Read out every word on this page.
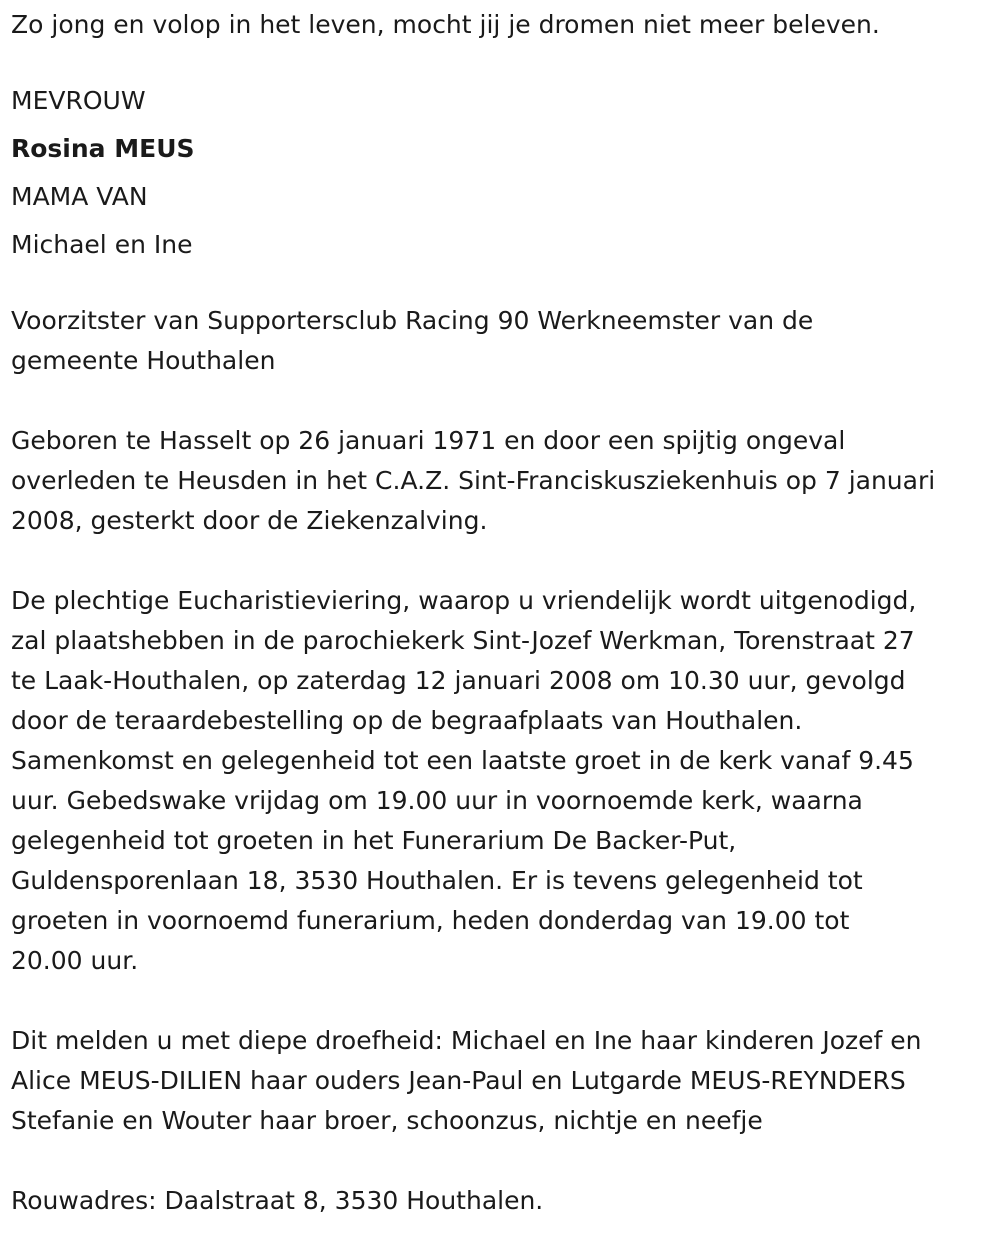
Zo jong en volop in het leven, mocht jij je dromen niet meer beleven.

MEVROUW

Rosina MEUS

MAMA VAN

Michael en Ine

Voorzitster van Supportersclub Racing 90 Werkneemster van de
gemeente Houthalen
Geboren te Hasselt op 26 januari 1971 en door een spijtig ongeval
overleden te Heusden in het C.A.Z. Sint-Franciskusziekenhuis op 7 januari
2008, gesterkt door de Ziekenzalving.
De plechtige Eucharistieviering, waarop u vriendelijk wordt uitgenodigd,
zal plaatshebben in de parochiekerk Sint-Jozef Werkman, Torenstraat 27
te Laak-Houthalen, op zaterdag 12 januari 2008 om 10.30 uur, gevolgd
door de teraardebestelling op de begraafplaats van Houthalen.
Samenkomst en gelegenheid tot een laatste groet in de kerk vanaf 9.45
uur. Gebedswake vrijdag om 19.00 uur in voornoemde kerk, waarna
gelegenheid tot groeten in het Funerarium De Backer-Put,
Guldensporenlaan 18, 3530 Houthalen. Er is tevens gelegenheid tot
groeten in voornoemd funerarium, heden donderdag van 19.00 tot
20.00 uur.
Dit melden u met diepe droefheid: Michael en Ine haar kinderen Jozef en
Alice MEUS-DILIEN haar ouders Jean-Paul en Lutgarde MEUS-REYNDERS
Stefanie en Wouter haar broer, schoonzus, nichtje en neefje

Rouwadres: Daalstraat 8, 3530 Houthalen.
